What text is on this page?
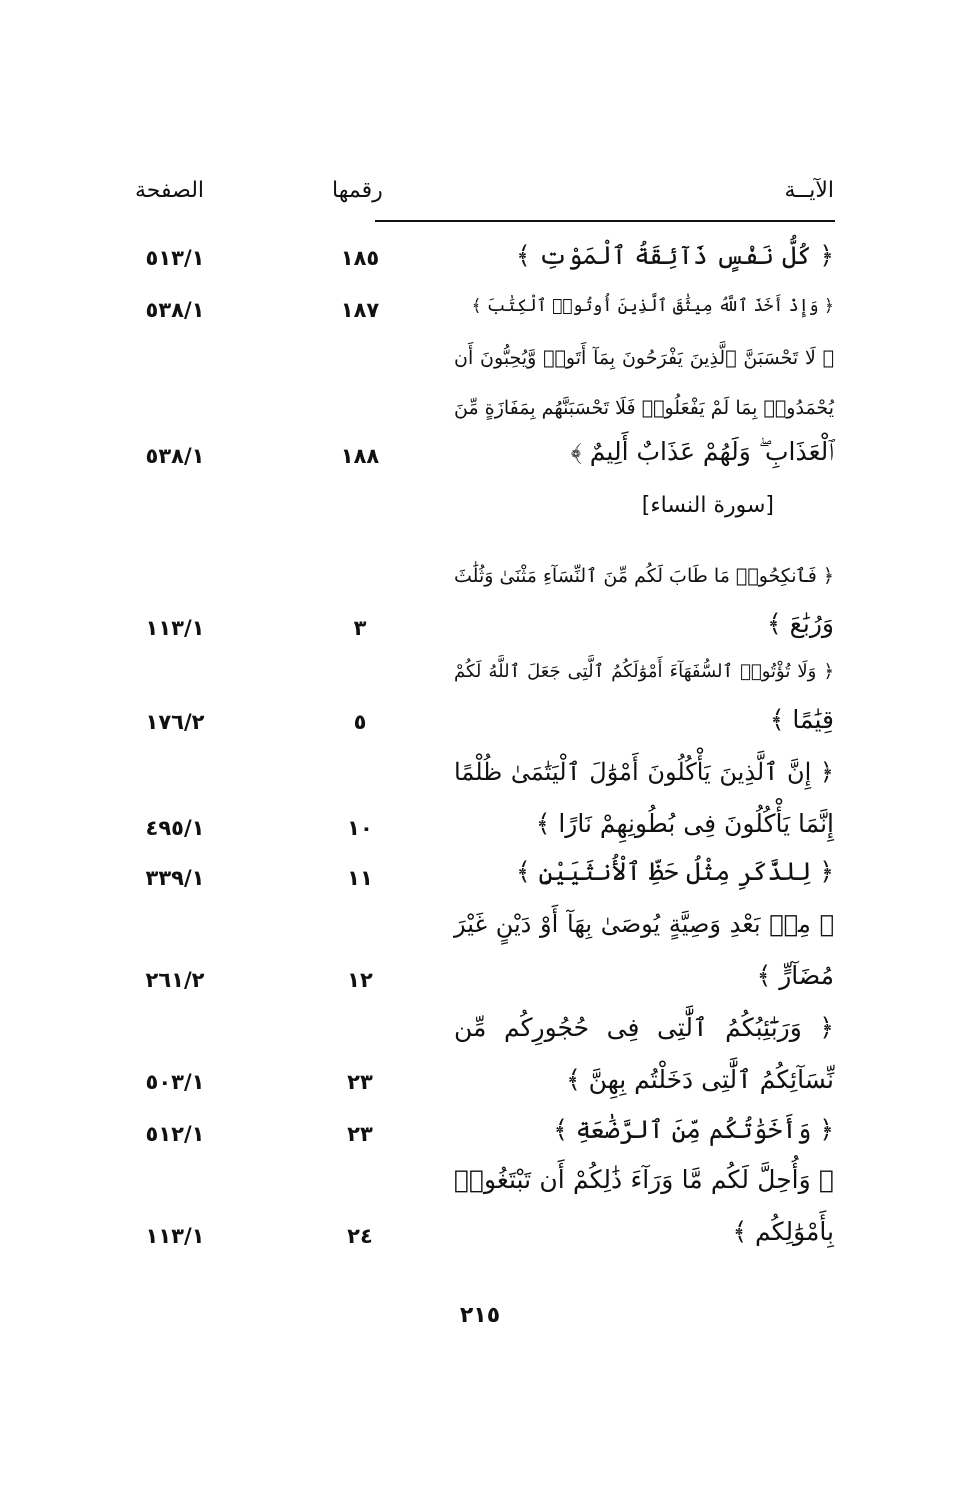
الآيــة
رقمها
الصفحة
﴿ كُلُّ نَفْسٍ ذَآئِقَةُ ٱلْمَوْتِ ﴾
١٨٥
٥١٣/١
﴿ وَإِذْ أَخَذَ ٱللَّهُ مِيثَٰقَ ٱلَّذِينَ أُوتُوا۟ ٱلْكِتَٰبَ ﴾
١٨٧
٥٣٨/١
﴿ لَا تَحْسَبَنَّ ٱلَّذِينَ يَفْرَحُونَ بِمَآ أَتَوا۟ وَّيُحِبُّونَ أَن
يُحْمَدُوا۟ بِمَا لَمْ يَفْعَلُوا۟ فَلَا تَحْسَبَنَّهُم بِمَفَازَةٍ مِّنَ
ٱلْعَذَابِ ۖ وَلَهُمْ عَذَابٌ أَلِيمٌ ﴾
١٨٨
٥٣٨/١
[سورة النساء]
﴿ فَٱنكِحُوا۟ مَا طَابَ لَكُم مِّنَ ٱلنِّسَآءِ مَثْنَىٰ وَثُلَٰثَ
وَرُبَٰعَ ﴾
٣
١١٣/١
﴿ وَلَا تُؤْتُوا۟ ٱلسُّفَهَآءَ أَمْوَٰلَكُمُ ٱلَّتِى جَعَلَ ٱللَّهُ لَكُمْ
قِيَٰمًا ﴾
٥
١٧٦/٢
﴿ إِنَّ ٱلَّذِينَ يَأْكُلُونَ أَمْوَٰلَ ٱلْيَتَٰمَىٰ ظُلْمًا
إِنَّمَا يَأْكُلُونَ فِى بُطُونِهِمْ نَارًا ﴾
١٠
٤٩٥/١
﴿ لِلذَّكَرِ مِثْلُ حَظِّ ٱلْأُنثَيَيْنِ ﴾
١١
٣٣٩/١
﴿ مِنۢ بَعْدِ وَصِيَّةٍ يُوصَىٰ بِهَآ أَوْ دَيْنٍ غَيْرَ
مُضَآرٍّ ﴾
١٢
٢٦١/٢
﴿ وَرَبَٰٓئِبُكُمُ ٱلَّٰتِى فِى حُجُورِكُم مِّن
نِّسَآئِكُمُ ٱلَّٰتِى دَخَلْتُم بِهِنَّ ﴾
٢٣
٥٠٣/١
﴿ وَأَخَوَٰتُكُم مِّنَ ٱلرَّضَٰعَةِ ﴾
٢٣
٥١٢/١
﴿ وَأُحِلَّ لَكُم مَّا وَرَآءَ ذَٰلِكُمْ أَن تَبْتَغُوا۟
بِأَمْوَٰلِكُم ﴾
٢٤
١١٣/١
٢١٥
